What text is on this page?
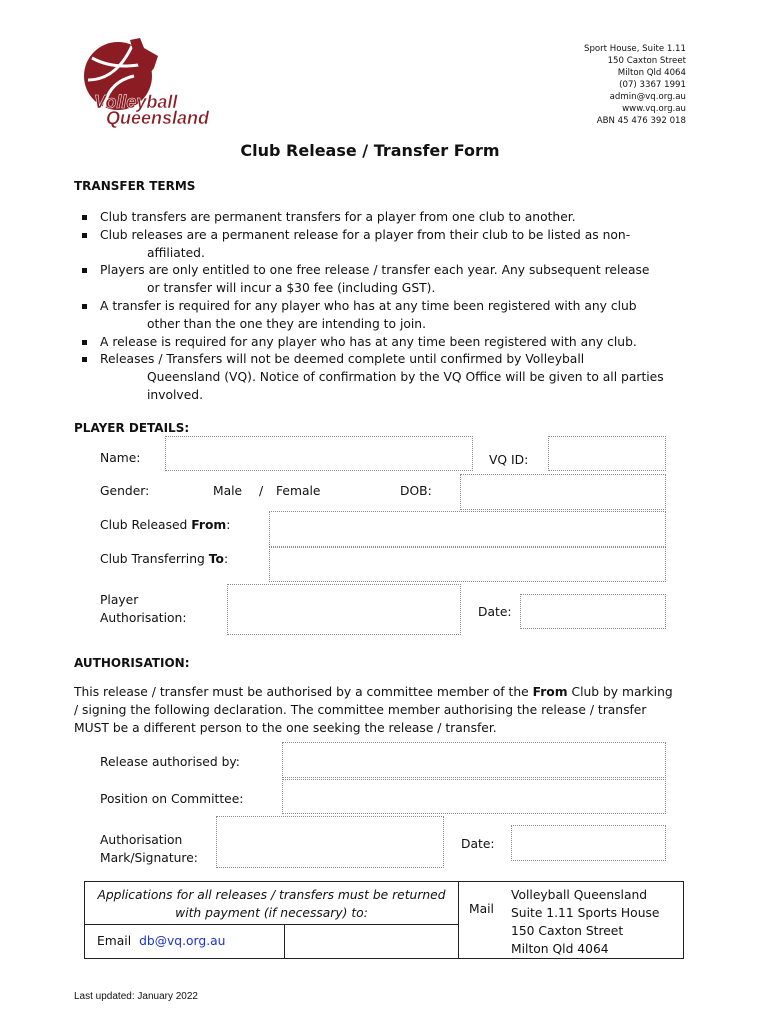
Volleyball
Queensland
Sport House, Suite 1.11
150 Caxton Street
Milton Qld 4064
(07) 3367 1991
admin@vq.org.au
www.vq.org.au
ABN 45 476 392 018
Club Release / Transfer Form
TRANSFER TERMS
Club transfers are permanent transfers for a player from one club to another.
Club releases are a permanent release for a player from their club to be listed as non-
affiliated.
Players are only entitled to one free release / transfer each year. Any subsequent release
or transfer will incur a $30 fee (including GST).
A transfer is required for any player who has at any time been registered with any club
other than the one they are intending to join.
A release is required for any player who has at any time been registered with any club.
Releases / Transfers will not be deemed complete until confirmed by Volleyball
Queensland (VQ). Notice of confirmation by the VQ Office will be given to all parties
involved.
PLAYER DETAILS:
Name:	VQ ID:
Gender:	Male / Female	DOB:
Club Released From:
Club Transferring To:
Player
Authorisation:	Date:
AUTHORISATION:
This release / transfer must be authorised by a committee member of the From Club by marking / signing the following declaration. The committee member authorising the release / transfer MUST be a different person to the one seeking the release / transfer.
Release authorised by:
Position on Committee:
Authorisation
Mark/Signature:
Date:
Applications for all releases / transfers must be returned
with payment (if necessary) to:
Email db@vq.org.au
Mail
Volleyball Queensland
Suite 1.11 Sports House
150 Caxton Street
Milton Qld 4064
Last updated: January 2022
